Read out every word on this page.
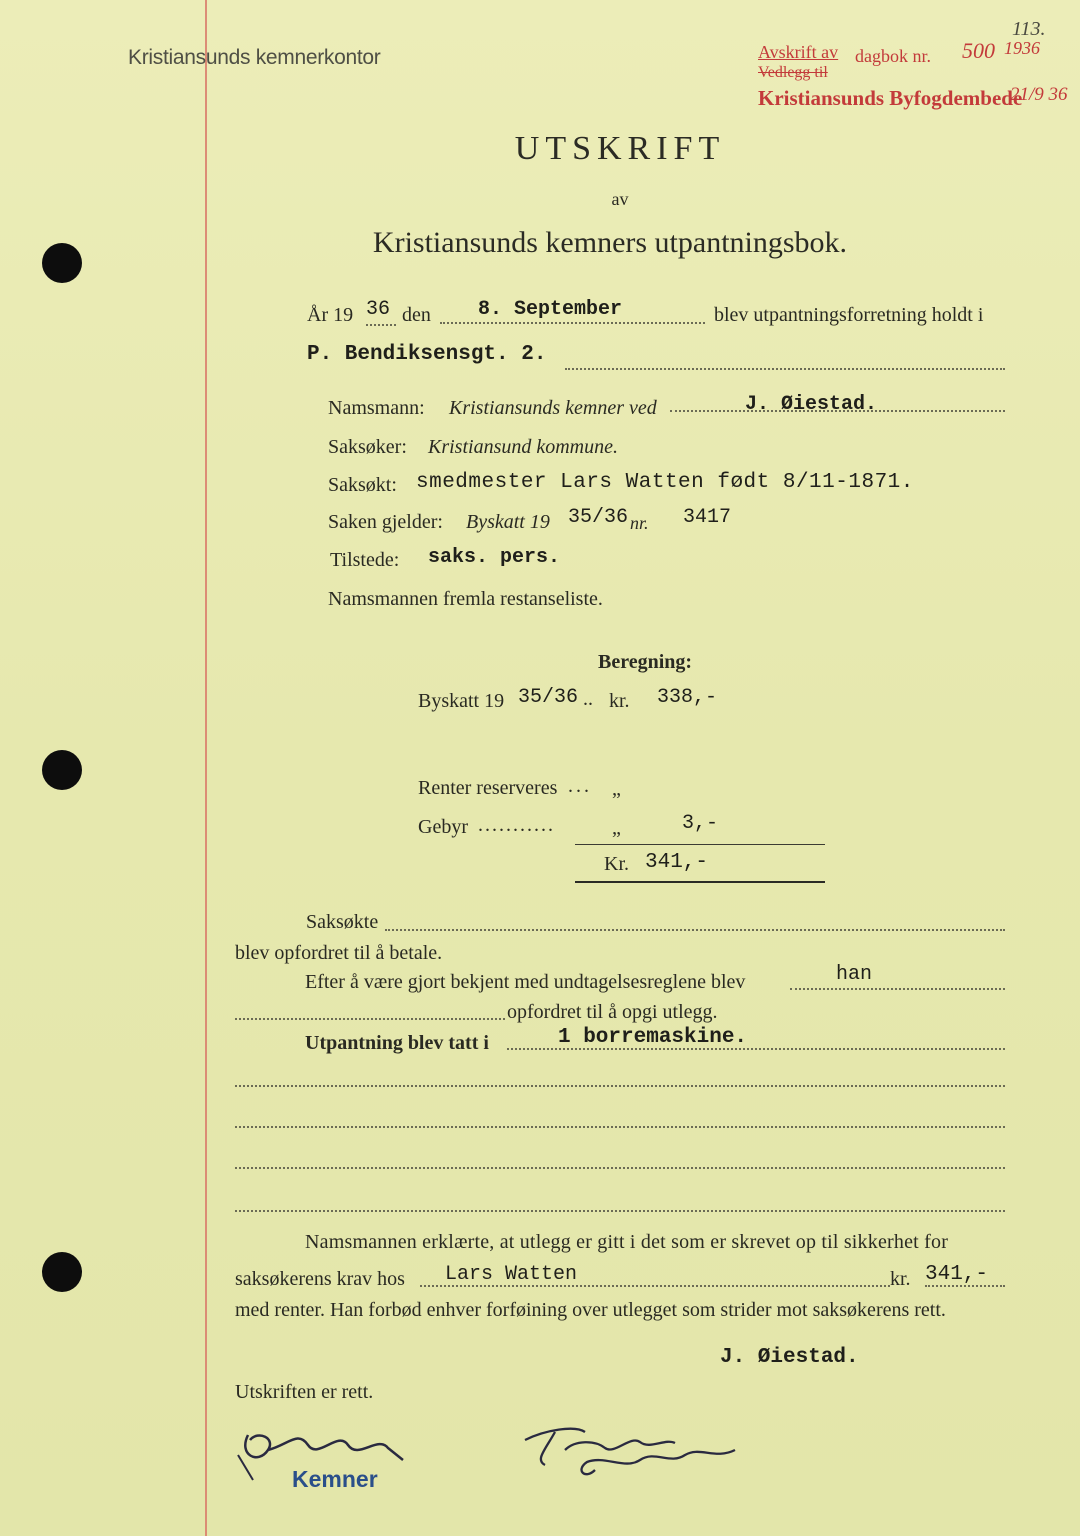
Kristiansunds kemnerkontor	Avskrift av dagbok nr. 500 1936
Vedlegg til
Kristiansunds Byfogdembede
21/9 36
113.
UTSKRIFT
av
Kristiansunds kemners utpantningsbok.
År 19 36 den 8. September	blev utpantningsforretning holdt i
P. Bendiksensgt. 2.
Namsmann: Kristiansunds kemner ved	J. Øiestad.
Saksøker: Kristiansund kommune.
Saksøkt: smedmester Lars Watten født 8/11-1871.
Saken gjelder: Byskatt 19 35/36 nr. 3417
Tilstede: saks. pers.
Namsmannen fremla restanseliste.
Beregning:
Byskatt 19 35/36 .. kr. 338,-
Renter reserveres ... „
Gebyr ...........	„	3,-
Kr. 341,-
Saksøkte
blev opfordret til å betale.
Efter å være gjort bekjent med undtagelsesreglene blev	han
opfordret til å opgi utlegg.
Utpantning blev tatt i	1 borremaskine.
Namsmannen erklærte, at utlegg er gitt i det som er skrevet op til sikkerhet for
saksøkerens krav hos Lars Watten	kr. 341,-
med renter. Han forbød enhver forføining over utlegget som strider mot saksøkerens rett.
J. Øiestad.
Utskriften er rett.
Kemner
